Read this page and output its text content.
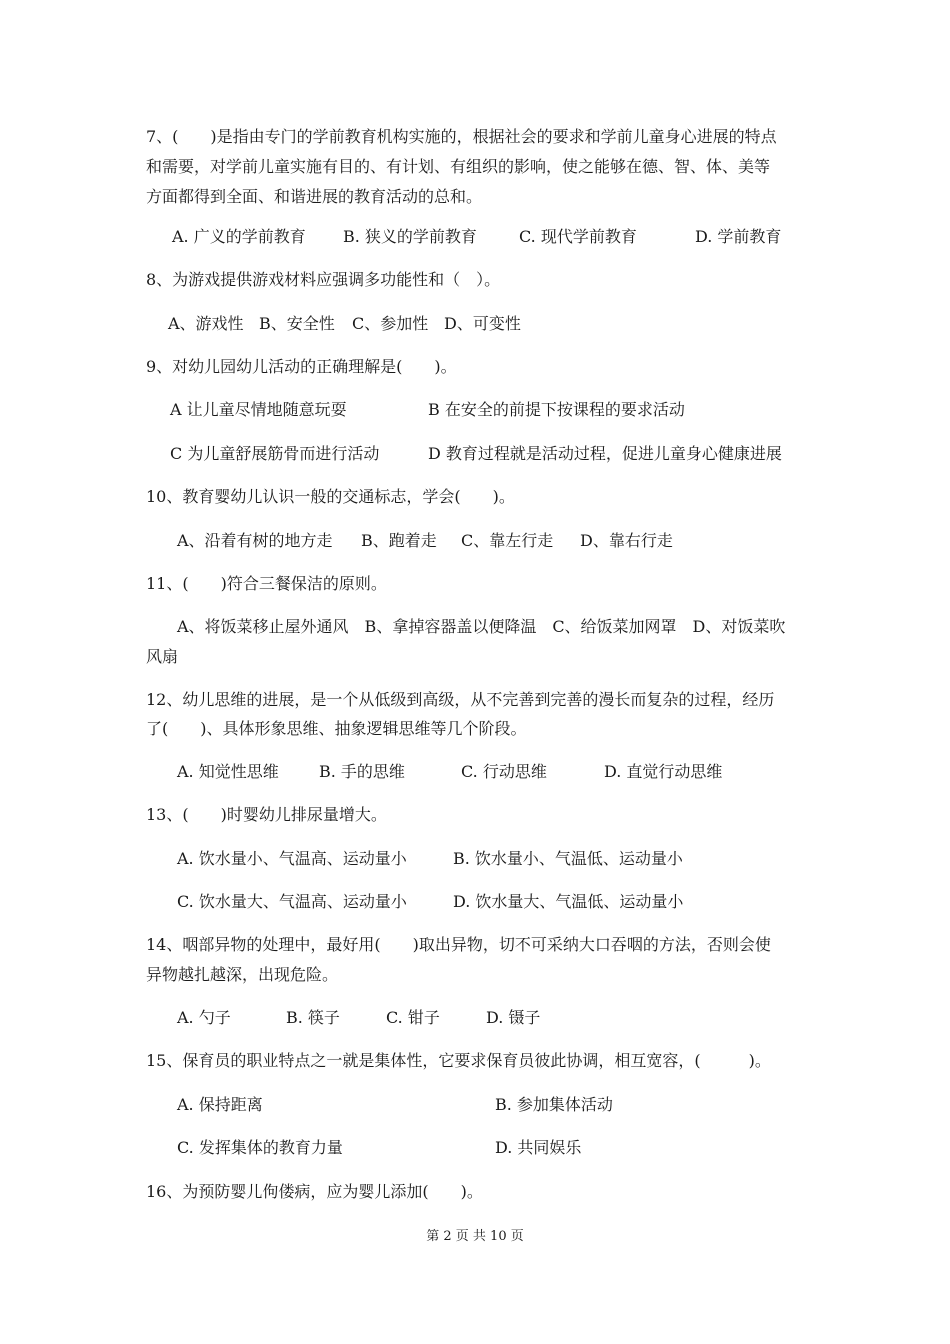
7、(　　)是指由专门的学前教育机构实施的，根据社会的要求和学前儿童身心进展的特点
和需要，对学前儿童实施有目的、有计划、有组织的影响，使之能够在德、智、体、美等
方面都得到全面、和谐进展的教育活动的总和。
A. 广义的学前教育 B. 狭义的学前教育	C. 现代学前教育	D. 学前教育
8、为游戏提供游戏材料应强调多功能性和（　）。
A、游戏性 B、安全性 C、参加性 D、可变性
9、对幼儿园幼儿活动的正确理解是(　　)。
A 让儿童尽情地随意玩耍	B 在安全的前提下按课程的要求活动
C 为儿童舒展筋骨而进行活动	D 教育过程就是活动过程，促进儿童身心健康进展
10、教育婴幼儿认识一般的交通标志，学会(　　)。
A、沿着有树的地方走 B、跑着走 C、靠左行走 D、靠右行走
11、(　　)符合三餐保洁的原则。
A、将饭菜移止屋外通风　B、拿掉容器盖以便降温　C、给饭菜加网罩　D、对饭菜吹
风扇
12、幼儿思维的进展，是一个从低级到高级，从不完善到完善的漫长而复杂的过程，经历
了(　　)、具体形象思维、抽象逻辑思维等几个阶段。
A. 知觉性思维	B. 手的思维	C. 行动思维	D. 直觉行动思维
13、(　　)时婴幼儿排尿量增大。
A. 饮水量小、气温高、运动量小	B. 饮水量小、气温低、运动量小
C. 饮水量大、气温高、运动量小	D. 饮水量大、气温低、运动量小
14、咽部异物的处理中，最好用(　　)取出异物，切不可采纳大口吞咽的方法，否则会使
异物越扎越深，出现危险。
A. 勺子	B. 筷子	C. 钳子	D. 镊子
15、保育员的职业特点之一就是集体性，它要求保育员彼此协调，相互宽容，(　　　)。
A. 保持距离	B. 参加集体活动
C. 发挥集体的教育力量	D. 共同娱乐
16、为预防婴儿佝偻病，应为婴儿添加(　　)。
第 2 页 共 10 页
